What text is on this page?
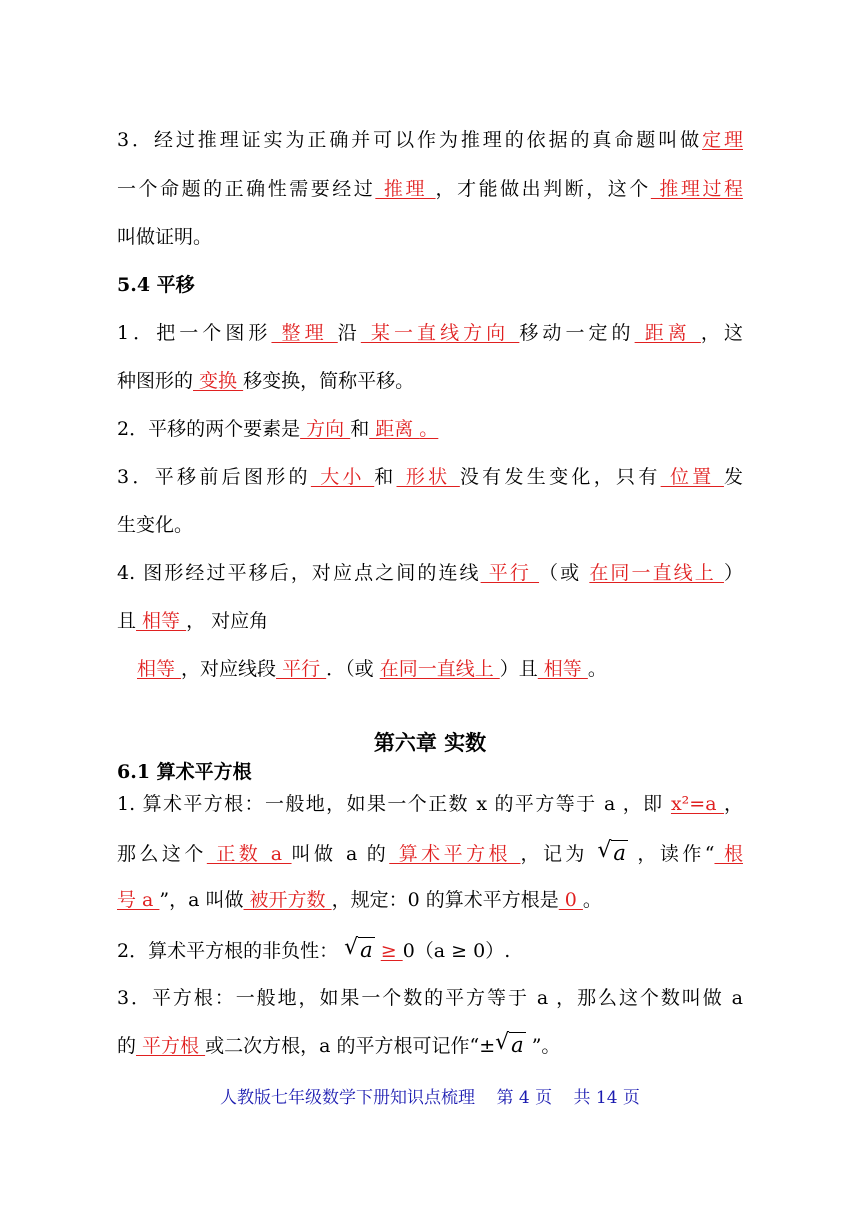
3．经过推理证实为正确并可以作为推理的依据的真命题叫做定理
一个命题的正确性需要经过 推理 ，才能做出判断，这个 推理过程
叫做证明。
5.4 平移
1．把一个图形 整理 沿 某一直线方向 移动一定的 距离 ，这
种图形的 变换 移变换，简称平移。
2．平移的两个要素是 方向 和 距离 。
3．平移前后图形的 大小 和 形状 没有发生变化，只有 位置 发
生变化。
4. 图形经过平移后，对应点之间的连线 平行 （或 在同一直线上 ）
且 相等 ， 对应角
相等 ，对应线段 平行 ．（或 在同一直线上 ）且 相等 。
第六章 实数
6.1 算术平方根
1. 算术平方根：一般地，如果一个正数 x 的平方等于 a ，即 x²=a ，
那么这个 正数 a 叫做 a 的 算术平方根 ，记为 √ a ，读作“ 根
号 a ”，a 叫做 被开方数 ，规定：0 的算术平方根是 0 。
2．算术平方根的非负性： √ a ≥ 0（a ≥ 0）.
3．平方根：一般地，如果一个数的平方等于 a ，那么这个数叫做 a
的 平方根 或二次方根，a 的平方根可记作“± √ a ”。
人教版七年级数学下册知识点梳理 第 4 页 共 14 页
